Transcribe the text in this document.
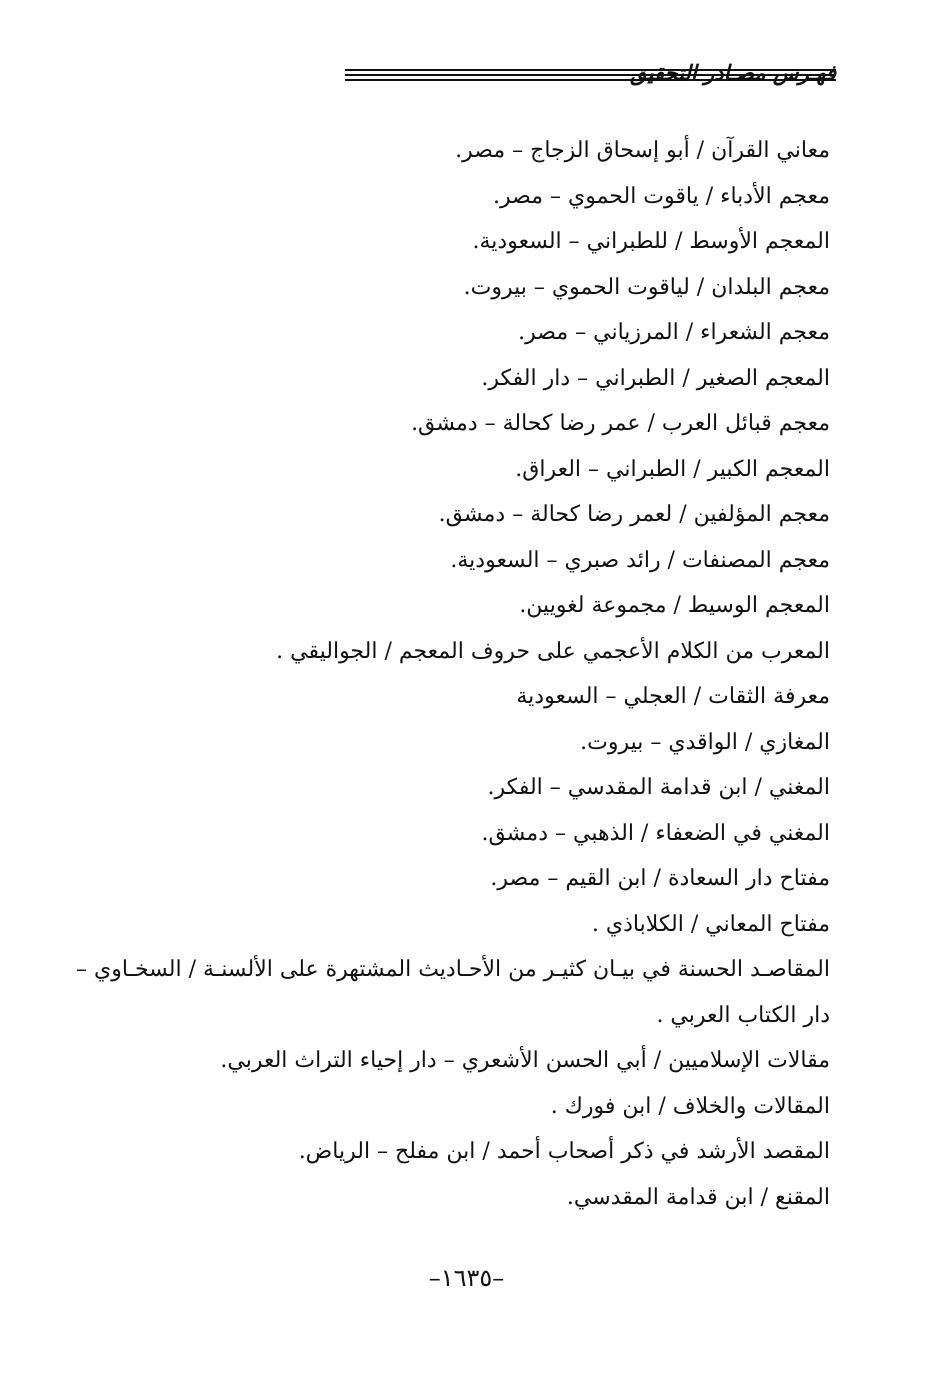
فهـرس مصـادر التحقيق
معاني القرآن / أبو إسحاق الزجاج – مصر.
معجم الأدباء / ياقوت الحموي – مصر.
المعجم الأوسط / للطبراني – السعودية.
معجم البلدان / لياقوت الحموي – بيروت.
معجم الشعراء / المرزياني – مصر.
المعجم الصغير / الطبراني – دار الفكر.
معجم قبائل العرب / عمر رضا كحالة – دمشق.
المعجم الكبير / الطبراني – العراق.
معجم المؤلفين / لعمر رضا كحالة – دمشق.
معجم المصنفات / رائد صبري – السعودية.
المعجم الوسيط / مجموعة لغويين.
المعرب من الكلام الأعجمي على حروف المعجم / الجواليقي .
معرفة الثقات / العجلي – السعودية
المغازي / الواقدي – بيروت.
المغني / ابن قدامة المقدسي – الفكر.
المغني في الضعفاء / الذهبي – دمشق.
مفتاح دار السعادة / ابن القيم – مصر.
مفتاح المعاني / الكلاباذي .
المقاصـد الحسنة في بيـان كثيـر من الأحـاديث المشتهرة على الألسنـة / السخـاوي –
دار الكتاب العربي .
مقالات الإسلاميين / أبي الحسن الأشعري – دار إحياء التراث العربي.
المقالات والخلاف / ابن فورك .
المقصد الأرشد في ذكر أصحاب أحمد / ابن مفلح – الرياض.
المقنع / ابن قدامة المقدسي.
–١٦٣٥–
